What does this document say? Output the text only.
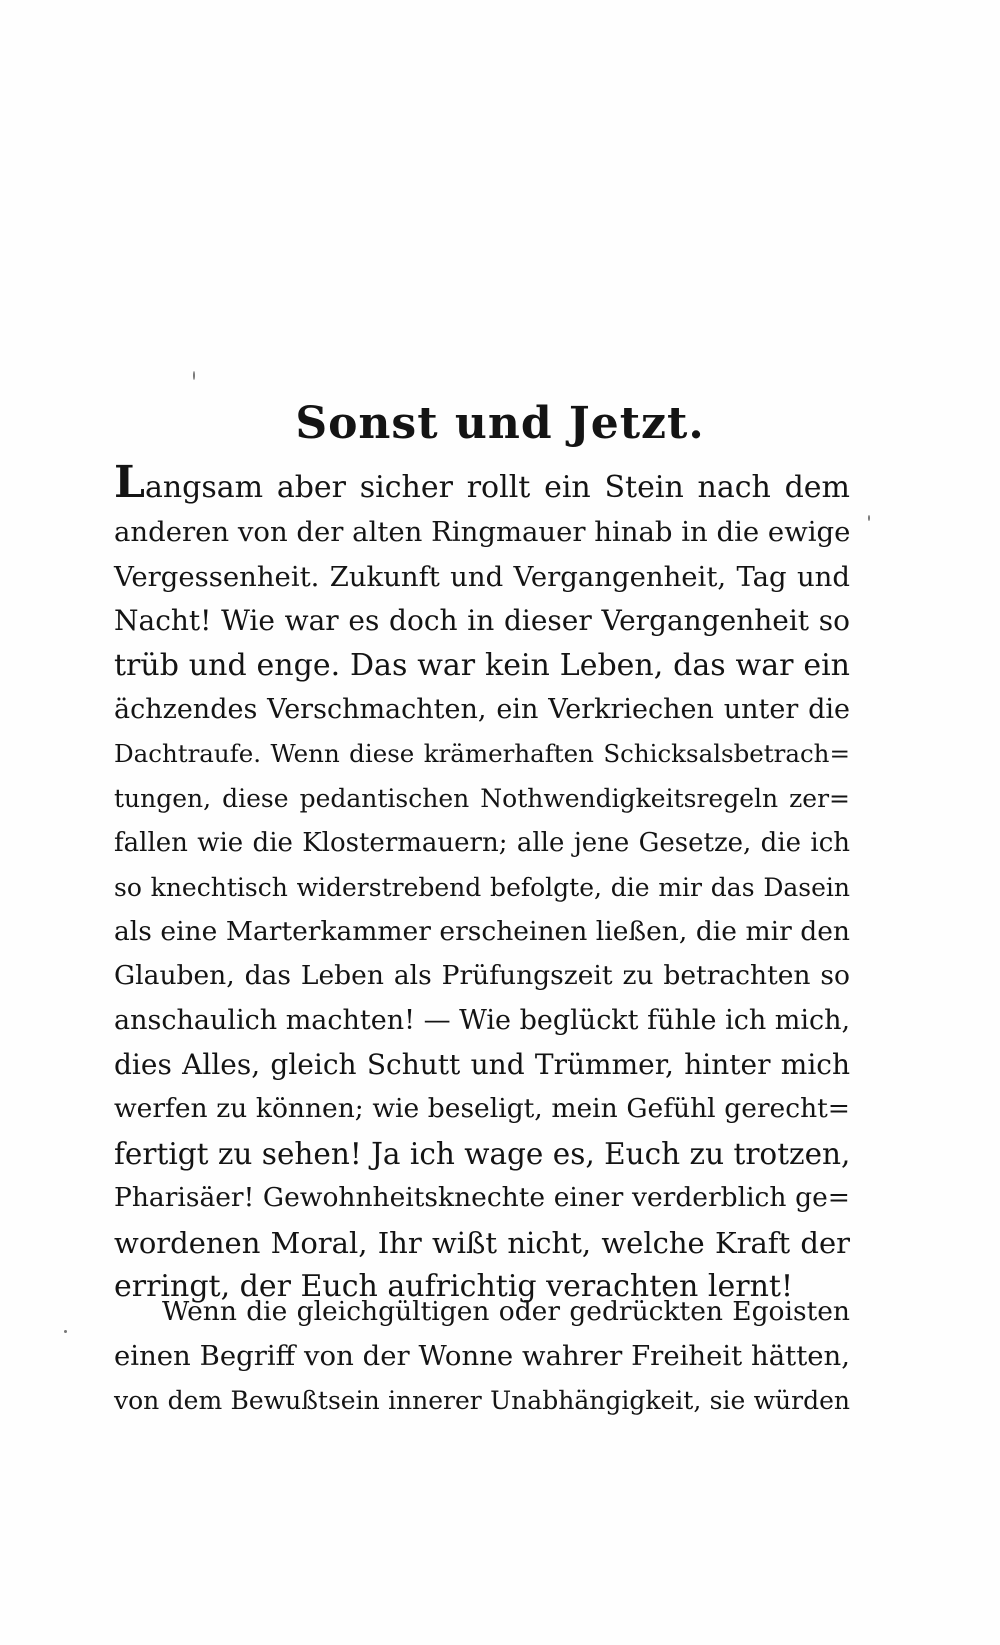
Sonst und Jetzt.
Langsam aber sicher rollt ein Stein nach dem
anderen von der alten Ringmauer hinab in die ewige
Vergessenheit. Zukunft und Vergangenheit, Tag und
Nacht! Wie war es doch in dieser Vergangenheit so
trüb und enge. Das war kein Leben, das war ein
ächzendes Verschmachten, ein Verkriechen unter die
Dachtraufe. Wenn diese krämerhaften Schicksalsbetrach=
tungen, diese pedantischen Nothwendigkeitsregeln zer=
fallen wie die Klostermauern; alle jene Gesetze, die ich
so knechtisch widerstrebend befolgte, die mir das Dasein
als eine Marterkammer erscheinen ließen, die mir den
Glauben, das Leben als Prüfungszeit zu betrachten so
anschaulich machten! — Wie beglückt fühle ich mich,
dies Alles, gleich Schutt und Trümmer, hinter mich
werfen zu können; wie beseligt, mein Gefühl gerecht=
fertigt zu sehen! Ja ich wage es, Euch zu trotzen,
Pharisäer! Gewohnheitsknechte einer verderblich ge=
wordenen Moral, Ihr wißt nicht, welche Kraft der
erringt, der Euch aufrichtig verachten lernt!
Wenn die gleichgültigen oder gedrückten Egoisten
einen Begriff von der Wonne wahrer Freiheit hätten,
von dem Bewußtsein innerer Unabhängigkeit, sie würden
